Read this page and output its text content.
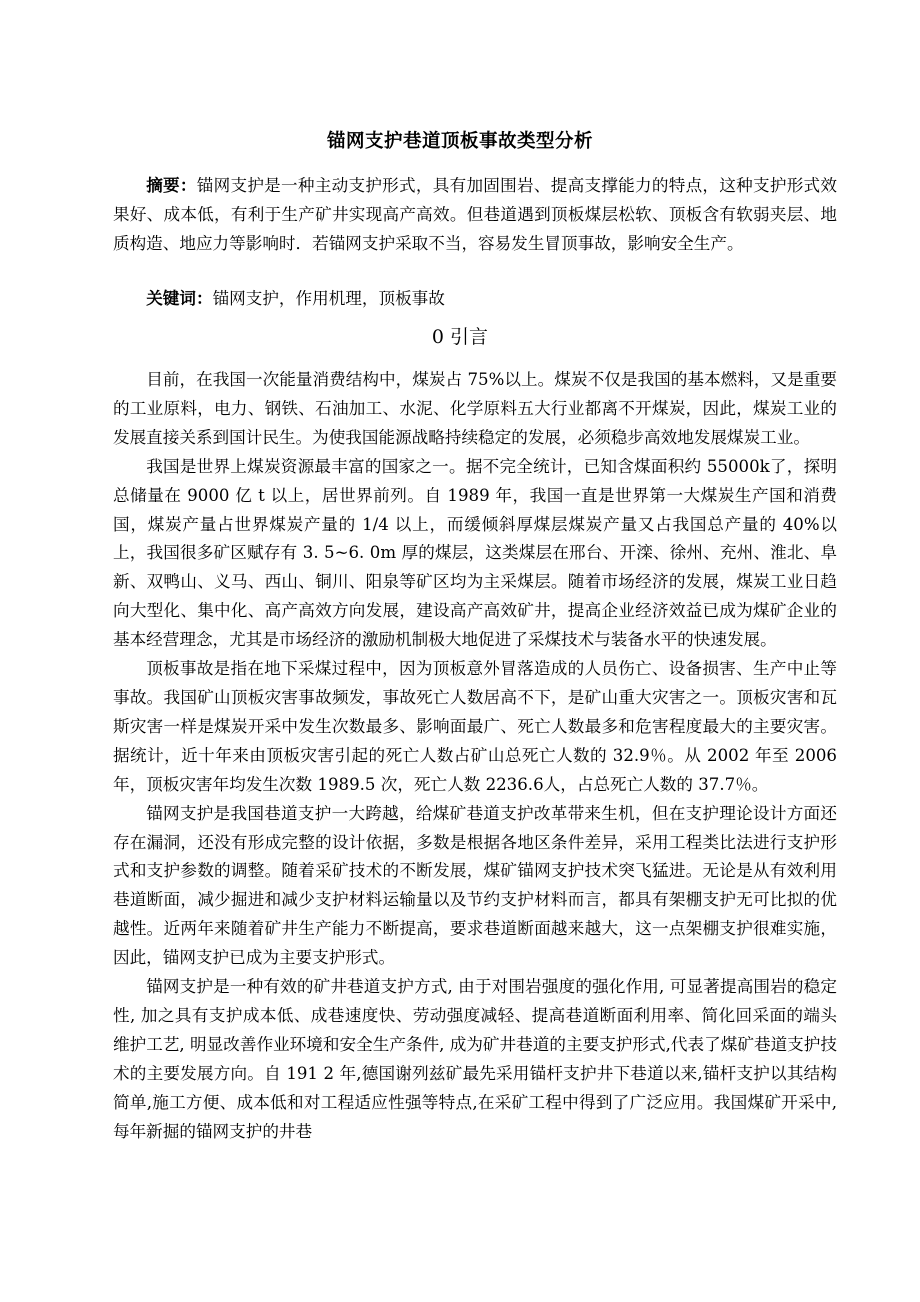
锚网支护巷道顶板事故类型分析

摘要：锚网支护是一种主动支护形式，具有加固围岩、提高支撑能力的特点，这种支护形式效果好、成本低，有利于生产矿井实现高产高效。但巷道遇到顶板煤层松软、顶板含有软弱夹层、地质构造、地应力等影响时．若锚网支护采取不当，容易发生冒顶事故，影响安全生产。

关键词：锚网支护，作用机理，顶板事故

0 引言

目前，在我国一次能量消费结构中，煤炭占 75%以上。煤炭不仅是我国的基本燃料，又是重要的工业原料，电力、钢铁、石油加工、水泥、化学原料五大行业都离不开煤炭，因此，煤炭工业的发展直接关系到国计民生。为使我国能源战略持续稳定的发展，必须稳步高效地发展煤炭工业。

我国是世界上煤炭资源最丰富的国家之一。据不完全统计，已知含煤面积约 55000k了，探明总储量在 9000 亿 t 以上，居世界前列。自 1989 年，我国一直是世界第一大煤炭生产国和消费国，煤炭产量占世界煤炭产量的 1/4 以上，而缓倾斜厚煤层煤炭产量又占我国总产量的 40%以上，我国很多矿区赋存有 3. 5~6. 0m 厚的煤层，这类煤层在邢台、开滦、徐州、充州、淮北、阜新、双鸭山、义马、西山、铜川、阳泉等矿区均为主采煤层。随着市场经济的发展，煤炭工业日趋向大型化、集中化、高产高效方向发展，建设高产高效矿井，提高企业经济效益已成为煤矿企业的基本经营理念，尤其是市场经济的激励机制极大地促进了采煤技术与装备水平的快速发展。

顶板事故是指在地下采煤过程中，因为顶板意外冒落造成的人员伤亡、设备损害、生产中止等事故。我国矿山顶板灾害事故频发，事故死亡人数居高不下，是矿山重大灾害之一。顶板灾害和瓦斯灾害一样是煤炭开采中发生次数最多、影响面最广、死亡人数最多和危害程度最大的主要灾害。据统计，近十年来由顶板灾害引起的死亡人数占矿山总死亡人数的 32.9％。从 2002 年至 2006 年，顶板灾害年均发生次数 1989.5 次，死亡人数 2236.6人，占总死亡人数的 37.7％。

锚网支护是我国巷道支护一大跨越，给煤矿巷道支护改革带来生机，但在支护理论设计方面还存在漏洞，还没有形成完整的设计依据，多数是根据各地区条件差异，采用工程类比法进行支护形式和支护参数的调整。随着采矿技术的不断发展，煤矿锚网支护技术突飞猛进。无论是从有效利用巷道断面，减少掘进和减少支护材料运输量以及节约支护材料而言，都具有架棚支护无可比拟的优越性。近两年来随着矿井生产能力不断提高，要求巷道断面越来越大，这一点架棚支护很难实施，因此，锚网支护已成为主要支护形式。

锚网支护是一种有效的矿井巷道支护方式, 由于对围岩强度的强化作用, 可显著提高围岩的稳定性, 加之具有支护成本低、成巷速度快、劳动强度减轻、提高巷道断面利用率、简化回采面的端头维护工艺, 明显改善作业环境和安全生产条件, 成为矿井巷道的主要支护形式,代表了煤矿巷道支护技术的主要发展方向。自 191 2 年,德国谢列兹矿最先采用锚杆支护井下巷道以来,锚杆支护以其结构简单,施工方便、成本低和对工程适应性强等特点,在采矿工程中得到了广泛应用。我国煤矿开采中,每年新掘的锚网支护的井巷
